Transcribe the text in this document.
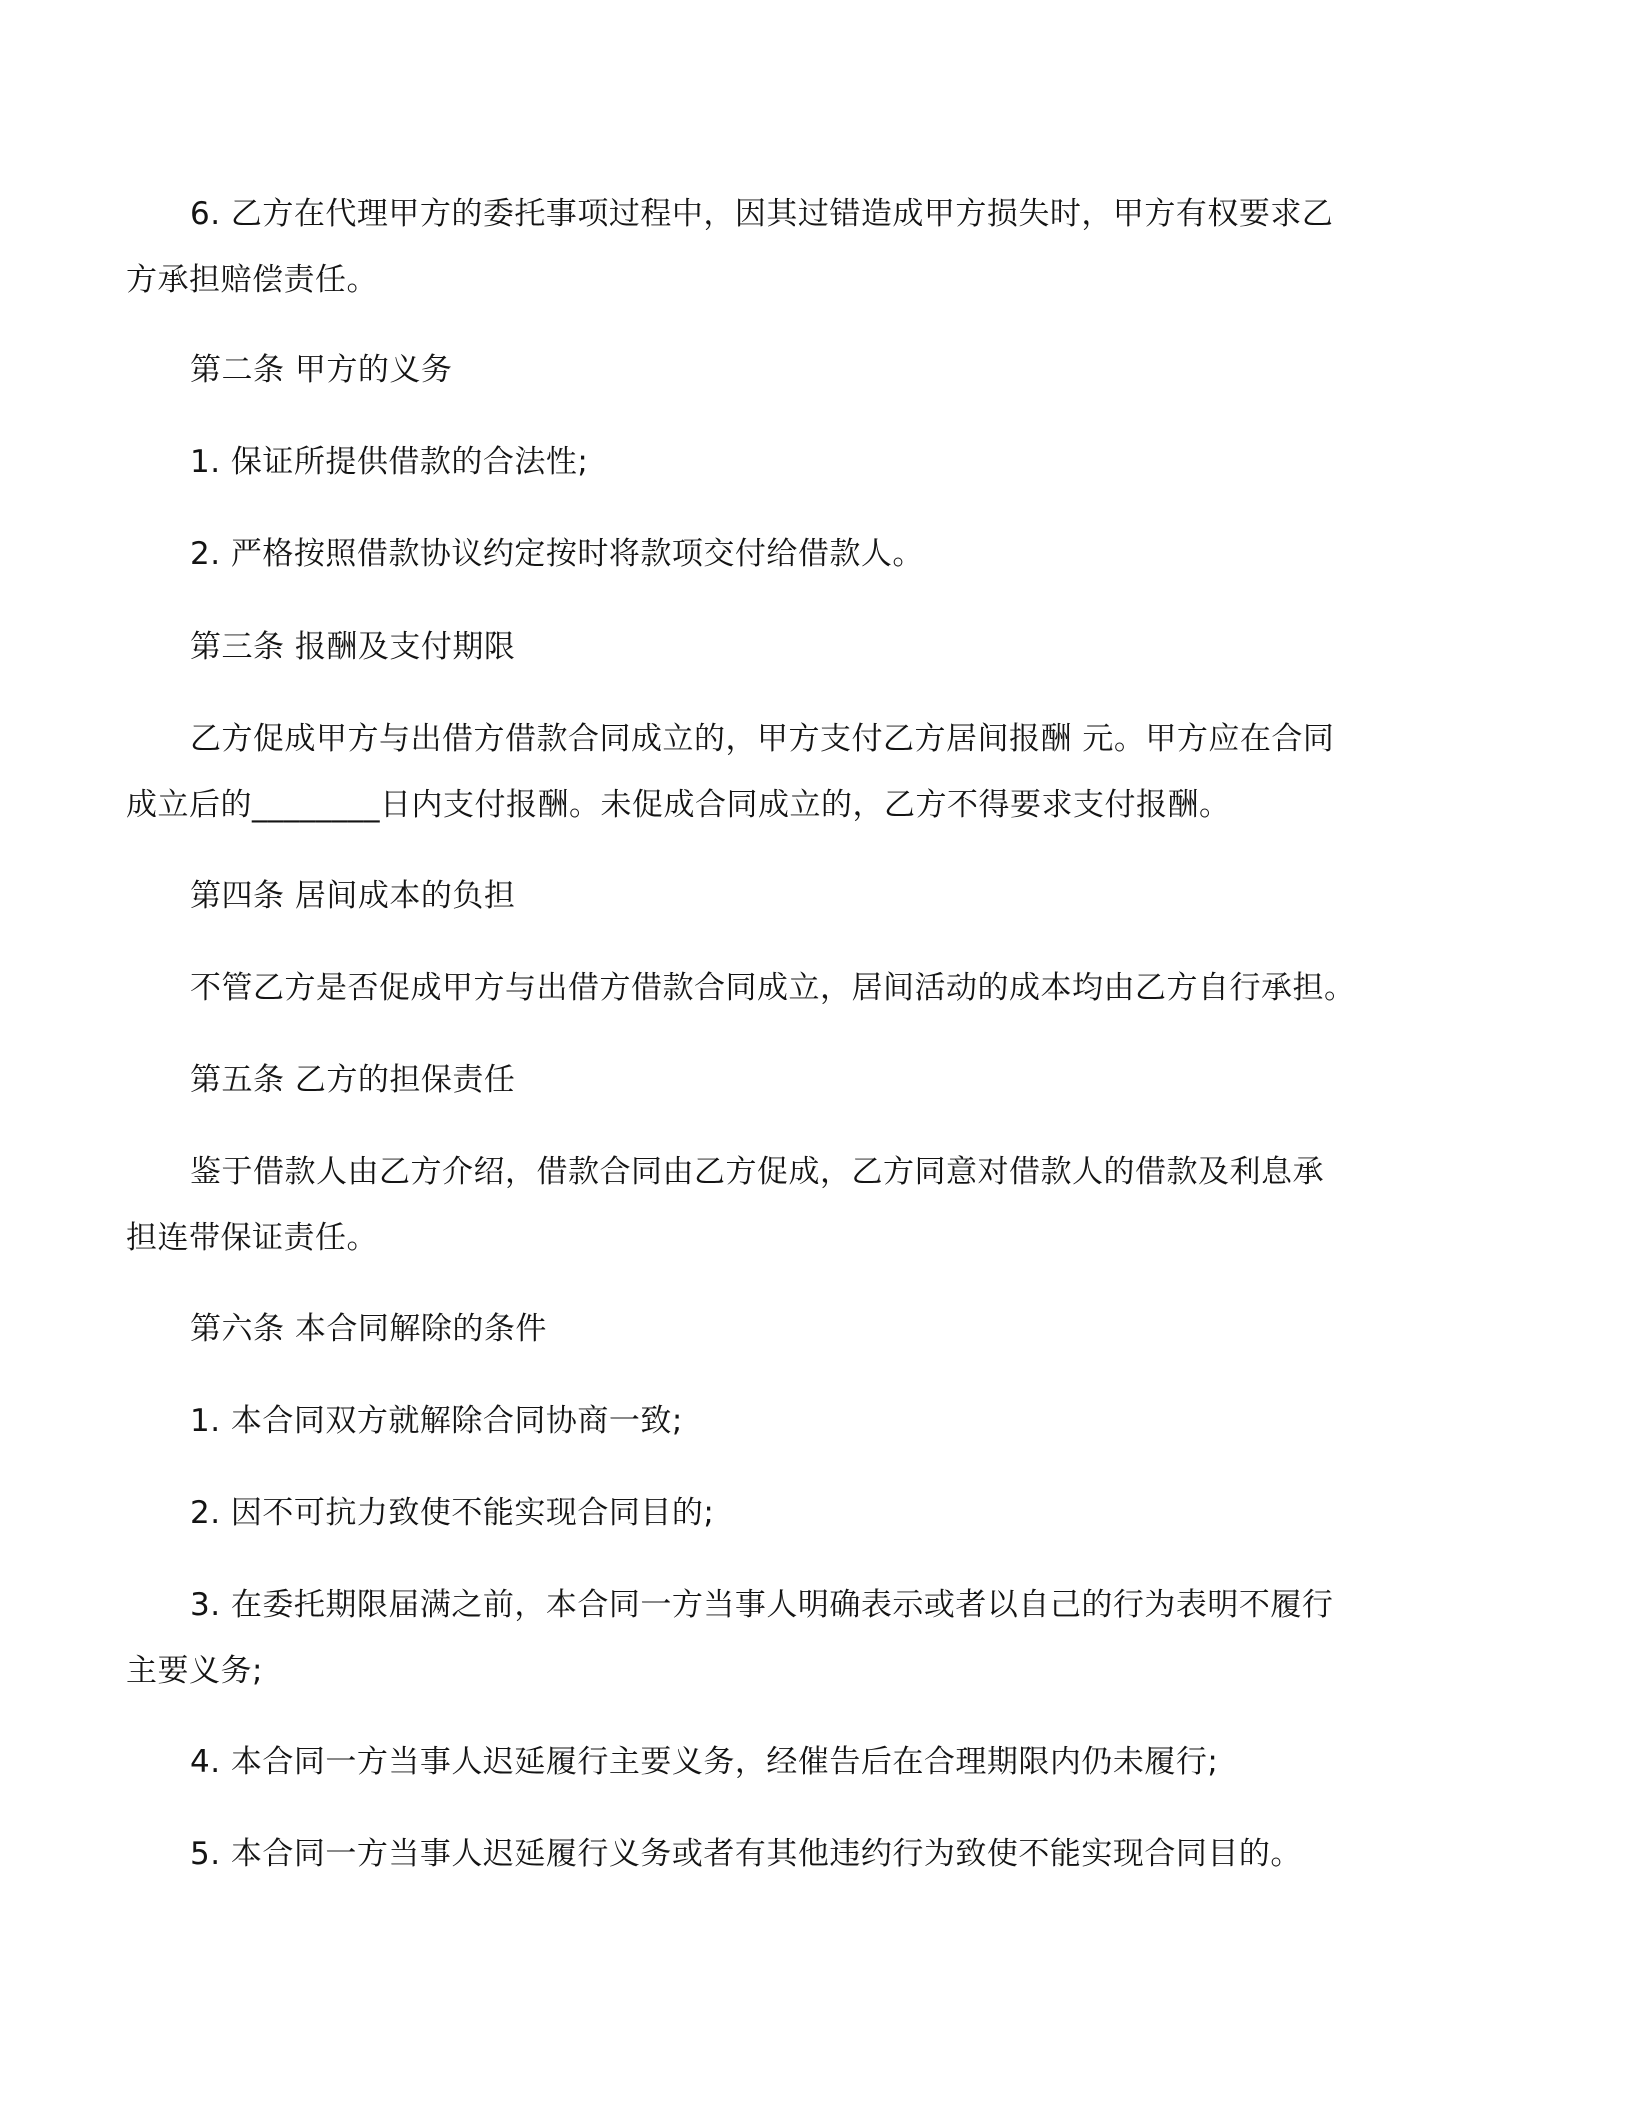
6. 乙方在代理甲方的委托事项过程中，因其过错造成甲方损失时，甲方有权要求乙
方承担赔偿责任。

第二条 甲方的义务

1. 保证所提供借款的合法性;

2. 严格按照借款协议约定按时将款项交付给借款人。

第三条 报酬及支付期限

乙方促成甲方与出借方借款合同成立的，甲方支付乙方居间报酬 元。甲方应在合同
成立后的________日内支付报酬。未促成合同成立的，乙方不得要求支付报酬。

第四条 居间成本的负担

不管乙方是否促成甲方与出借方借款合同成立，居间活动的成本均由乙方自行承担。

第五条 乙方的担保责任

鉴于借款人由乙方介绍，借款合同由乙方促成，乙方同意对借款人的借款及利息承
担连带保证责任。

第六条 本合同解除的条件

1. 本合同双方就解除合同协商一致;

2. 因不可抗力致使不能实现合同目的;

3. 在委托期限届满之前，本合同一方当事人明确表示或者以自己的行为表明不履行
主要义务;

4. 本合同一方当事人迟延履行主要义务，经催告后在合理期限内仍未履行;

5. 本合同一方当事人迟延履行义务或者有其他违约行为致使不能实现合同目的。
